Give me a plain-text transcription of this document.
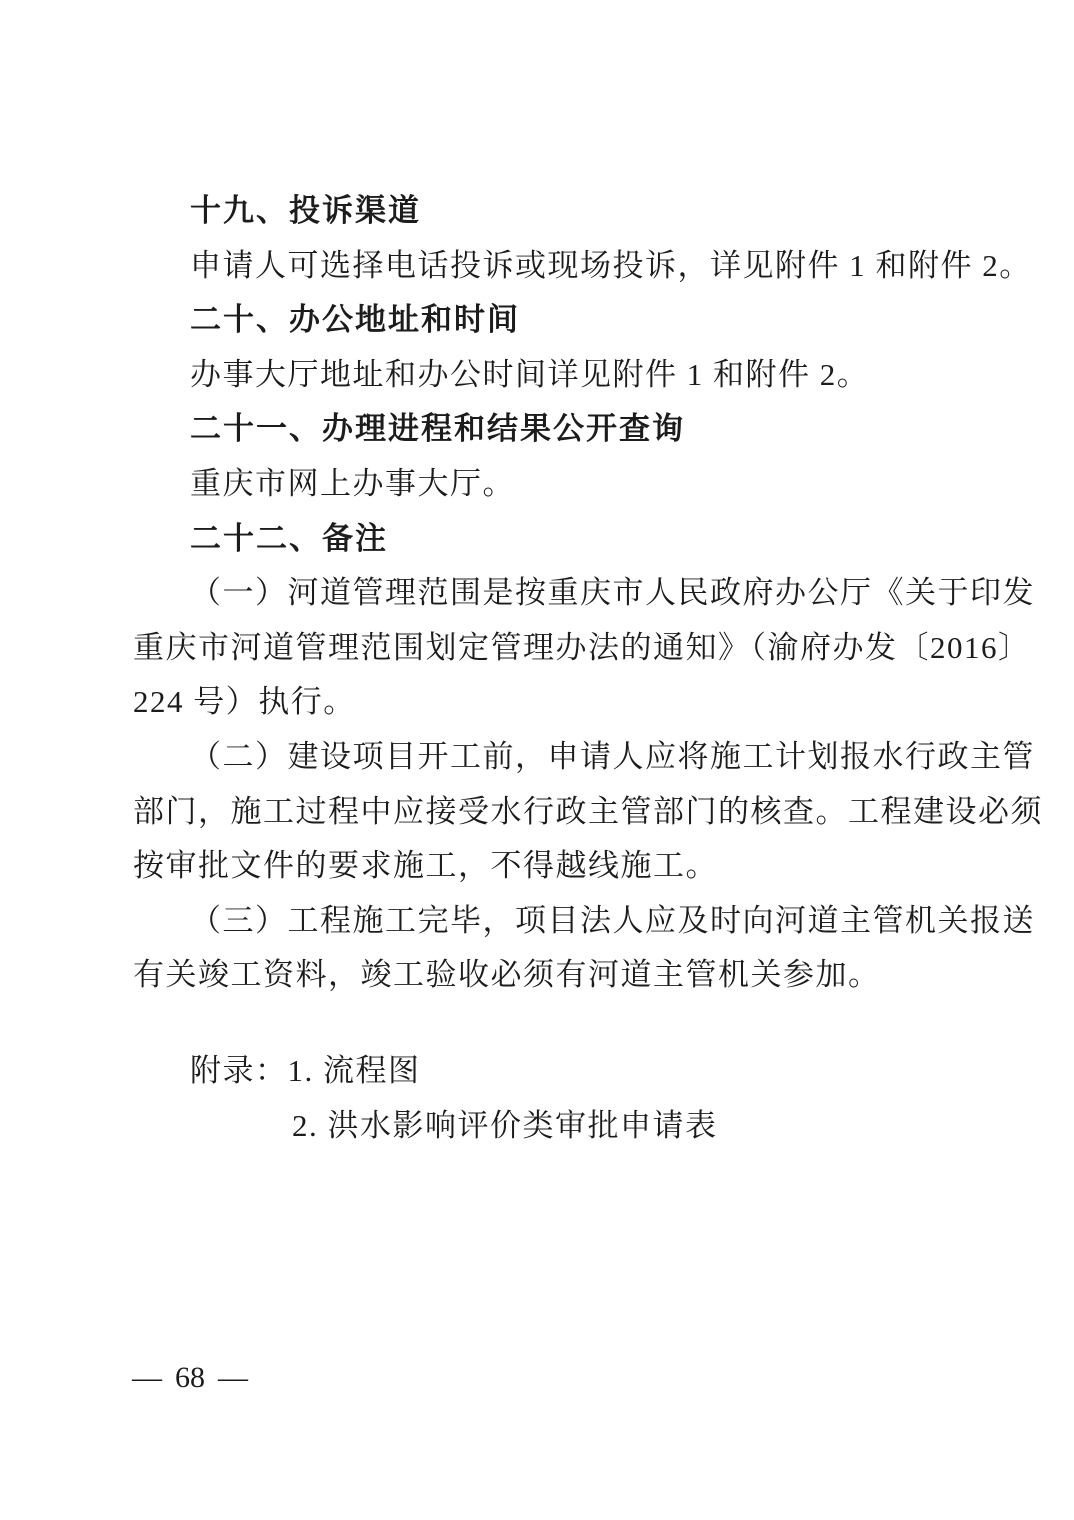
十九、投诉渠道
申请人可选择电话投诉或现场投诉，详见附件 1 和附件 2。
二十、办公地址和时间
办事大厅地址和办公时间详见附件 1 和附件 2。
二十一、办理进程和结果公开查询
重庆市网上办事大厅。
二十二、备注
（一）河道管理范围是按重庆市人民政府办公厅《关于印发
重庆市河道管理范围划定管理办法的通知》（渝府办发〔2016〕
224 号）执行。
（二）建设项目开工前，申请人应将施工计划报水行政主管
部门，施工过程中应接受水行政主管部门的核查。工程建设必须
按审批文件的要求施工，不得越线施工。
（三）工程施工完毕，项目法人应及时向河道主管机关报送
有关竣工资料，竣工验收必须有河道主管机关参加。
附录：1. 流程图
2. 洪水影响评价类审批申请表
— 68 —
